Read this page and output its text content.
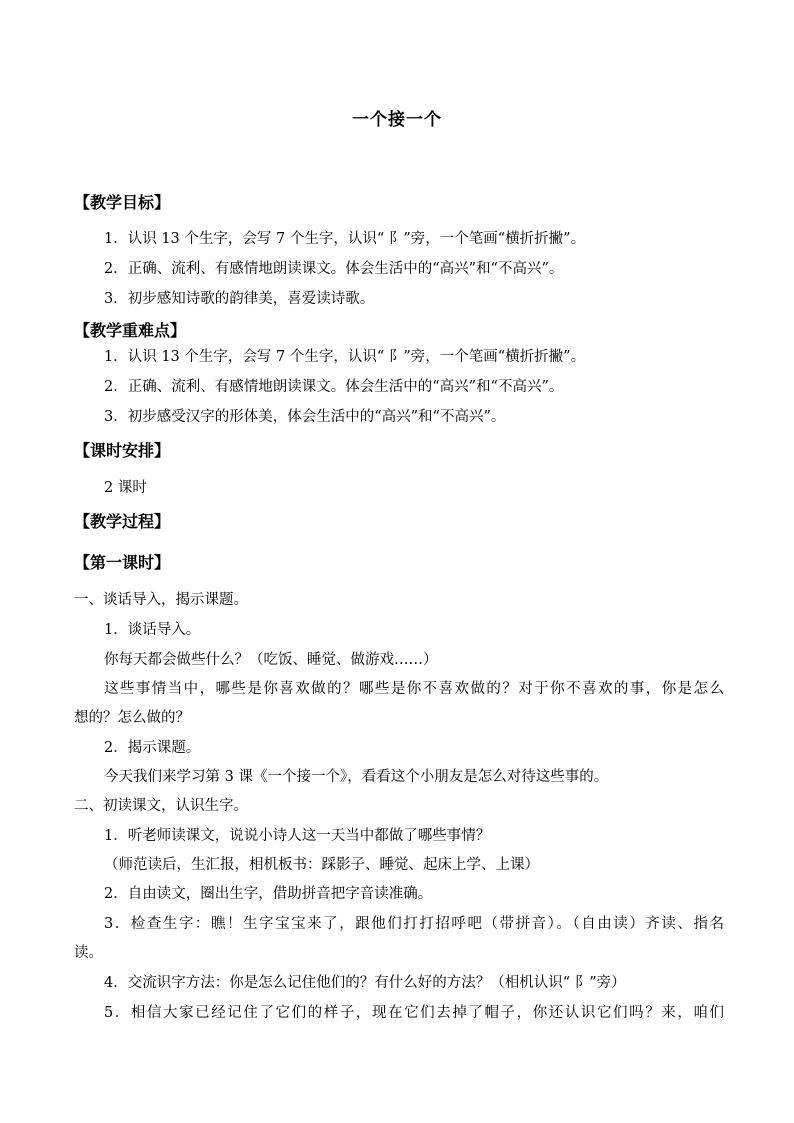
一个接一个
【教学目标】
1．认识 13 个生字，会写 7 个生字，认识“ 阝”旁，一个笔画“横折折撇”。
2．正确、流利、有感情地朗读课文。体会生活中的“高兴”和“不高兴”。
3．初步感知诗歌的韵律美，喜爱读诗歌。
【教学重难点】
1．认识 13 个生字，会写 7 个生字，认识“ 阝”旁，一个笔画“横折折撇”。
2．正确、流利、有感情地朗读课文。体会生活中的“高兴”和“不高兴”。
3．初步感受汉字的形体美，体会生活中的“高兴”和“不高兴”。
【课时安排】
2 课时
【教学过程】
【第一课时】
一、谈话导入，揭示课题。
1．谈话导入。
你每天都会做些什么？（吃饭、睡觉、做游戏……）
这些事情当中，哪些是你喜欢做的？哪些是你不喜欢做的？对于你不喜欢的事，你是怎么
想的？怎么做的？
2．揭示课题。
今天我们来学习第 3 课《一个接一个》，看看这个小朋友是怎么对待这些事的。
二、初读课文，认识生字。
1．听老师读课文，说说小诗人这一天当中都做了哪些事情？
（师范读后，生汇报，相机板书：踩影子、睡觉、起床上学、上课）
2．自由读文，圈出生字，借助拼音把字音读准确。
3．检查生字：瞧！生字宝宝来了，跟他们打打招呼吧（带拼音）。（自由读）齐读、指名
读。
4．交流识字方法：你是怎么记住他们的？有什么好的方法？（相机认识“ 阝”旁）
5．相信大家已经记住了它们的样子，现在它们去掉了帽子，你还认识它们吗？来，咱们
